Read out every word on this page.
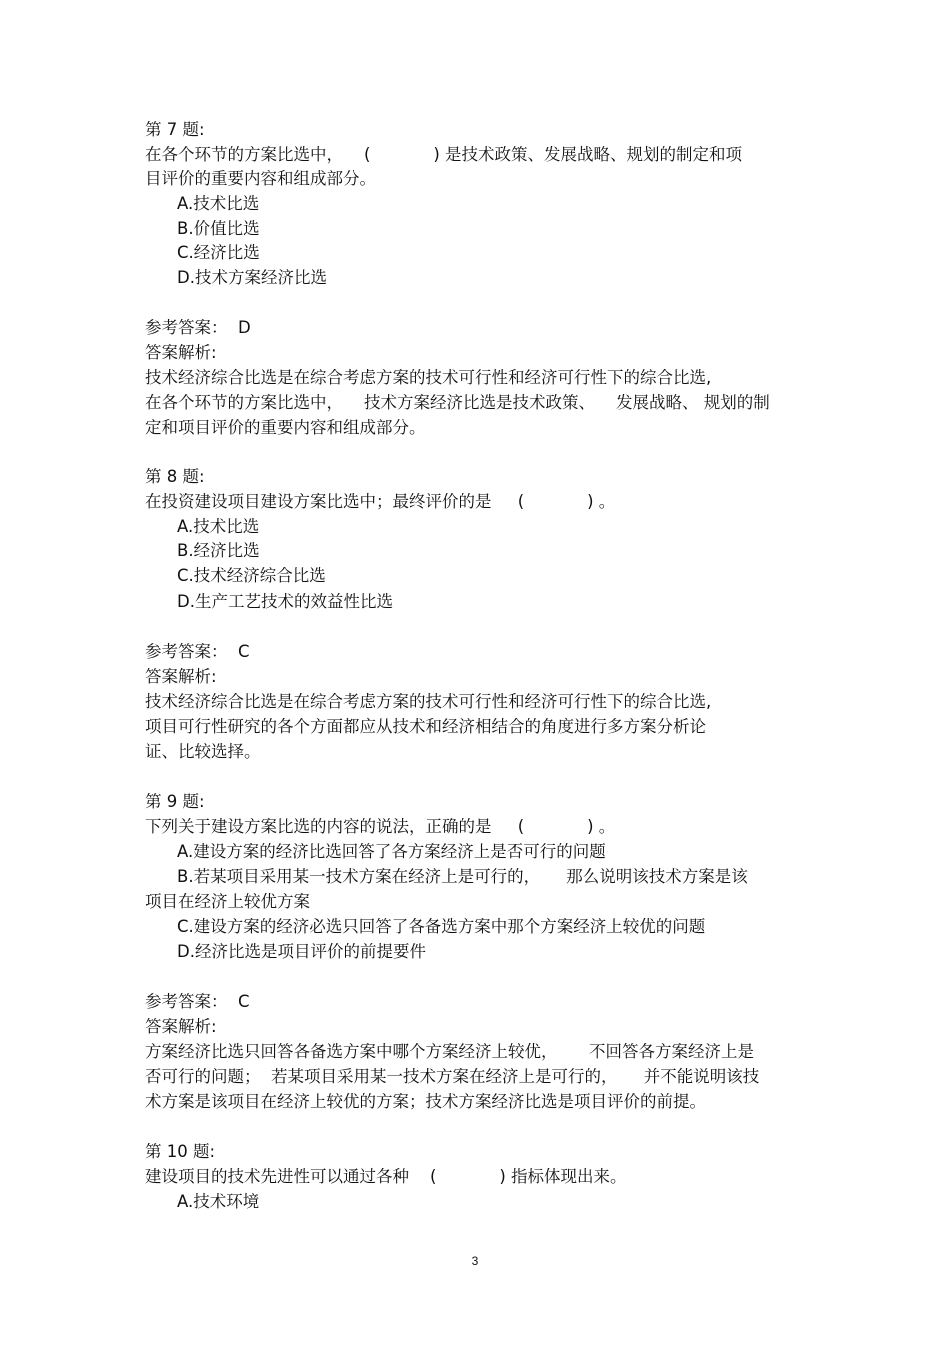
第 7 题:
在各个环节的方案比选中，    (            ) 是技术政策、发展战略、规划的制定和项
目评价的重要内容和组成部分。
A.技术比选
B.价值比选
C.经济比选
D.技术方案经济比选
参考答案：  D
答案解析:
技术经济综合比选是在综合考虑方案的技术可行性和经济可行性下的综合比选,
在各个环节的方案比选中，    技术方案经济比选是技术政策、    发展战略、 规划的制
定和项目评价的重要内容和组成部分。
第 8 题:
在投资建设项目建设方案比选中；最终评价的是     (            ) 。
A.技术比选
B.经济比选
C.技术经济综合比选
D.生产工艺技术的效益性比选
参考答案：  C
答案解析:
技术经济综合比选是在综合考虑方案的技术可行性和经济可行性下的综合比选,
项目可行性研究的各个方面都应从技术和经济相结合的角度进行多方案分析论
证、比较选择。
第 9 题:
下列关于建设方案比选的内容的说法，正确的是     (            ) 。
A.建设方案的经济比选回答了各方案经济上是否可行的问题
B.若某项目采用某一技术方案在经济上是可行的，     那么说明该技术方案是该
项目在经济上较优方案
C.建设方案的经济必选只回答了各备选方案中那个方案经济上较优的问题
D.经济比选是项目评价的前提要件
参考答案：  C
答案解析:
方案经济比选只回答各备选方案中哪个方案经济上较优，      不回答各方案经济上是
否可行的问题；  若某项目采用某一技术方案在经济上是可行的，     并不能说明该技
术方案是该项目在经济上较优的方案；技术方案经济比选是项目评价的前提。
第 10 题:
建设项目的技术先进性可以通过各种    (            ) 指标体现出来。
A.技术环境
3
